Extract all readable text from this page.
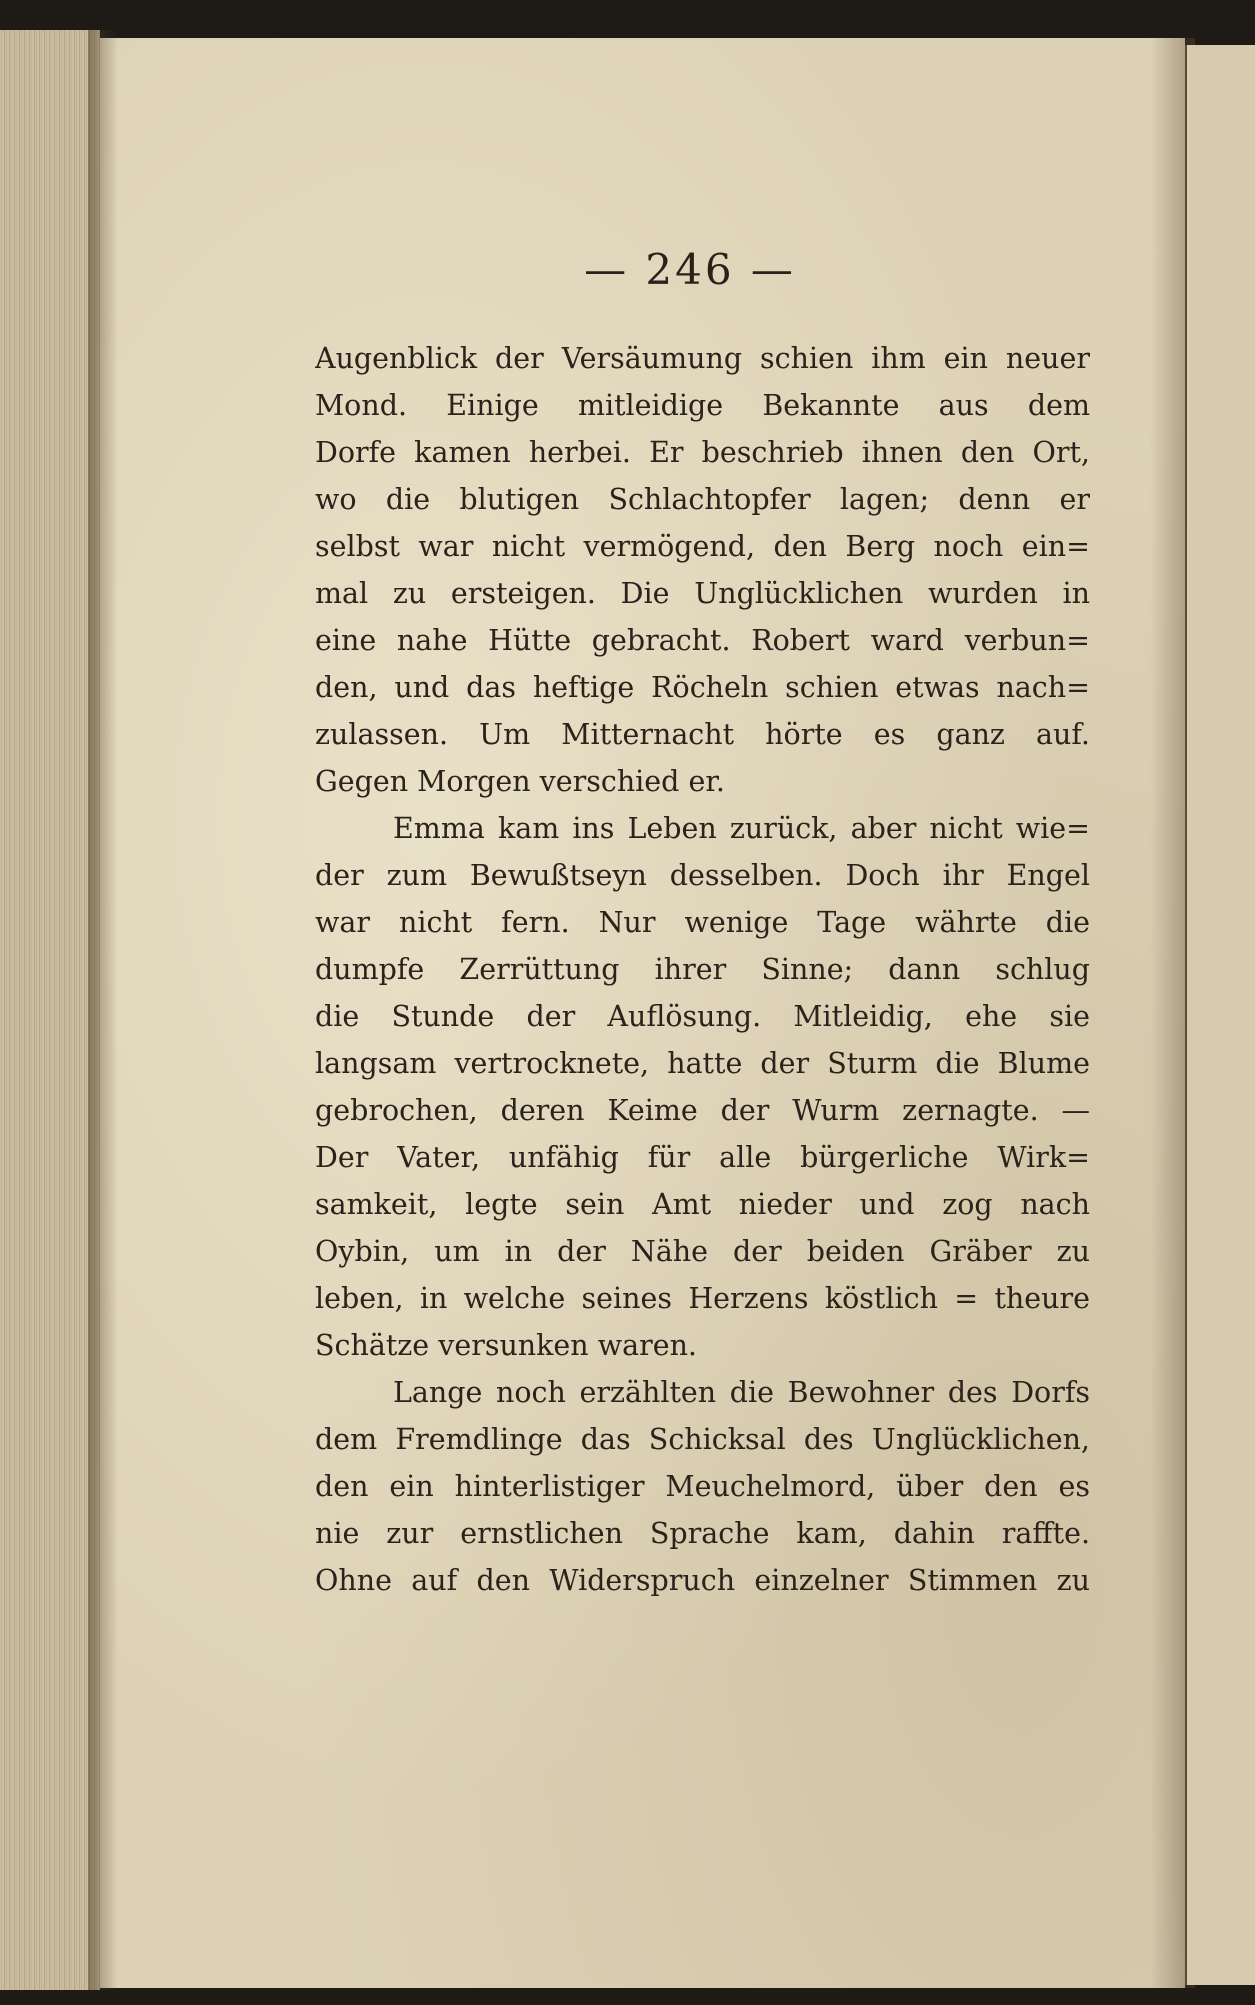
— 246 —
Augenblick der Versäumung schien ihm ein neuer
Mond. Einige mitleidige Bekannte aus dem
Dorfe kamen herbei. Er beschrieb ihnen den Ort,
wo die blutigen Schlachtopfer lagen; denn er
selbst war nicht vermögend, den Berg noch ein=
mal zu ersteigen. Die Unglücklichen wurden in
eine nahe Hütte gebracht. Robert ward verbun=
den, und das heftige Röcheln schien etwas nach=
zulassen. Um Mitternacht hörte es ganz auf.
Gegen Morgen verschied er.
Emma kam ins Leben zurück, aber nicht wie=
der zum Bewußtseyn desselben. Doch ihr Engel
war nicht fern. Nur wenige Tage währte die
dumpfe Zerrüttung ihrer Sinne; dann schlug
die Stunde der Auflösung. Mitleidig, ehe sie
langsam vertrocknete, hatte der Sturm die Blume
gebrochen, deren Keime der Wurm zernagte. —
Der Vater, unfähig für alle bürgerliche Wirk=
samkeit, legte sein Amt nieder und zog nach
Oybin, um in der Nähe der beiden Gräber zu
leben, in welche seines Herzens köstlich = theure
Schätze versunken waren.
Lange noch erzählten die Bewohner des Dorfs
dem Fremdlinge das Schicksal des Unglücklichen,
den ein hinterlistiger Meuchelmord, über den es
nie zur ernstlichen Sprache kam, dahin raffte.
Ohne auf den Widerspruch einzelner Stimmen zu
